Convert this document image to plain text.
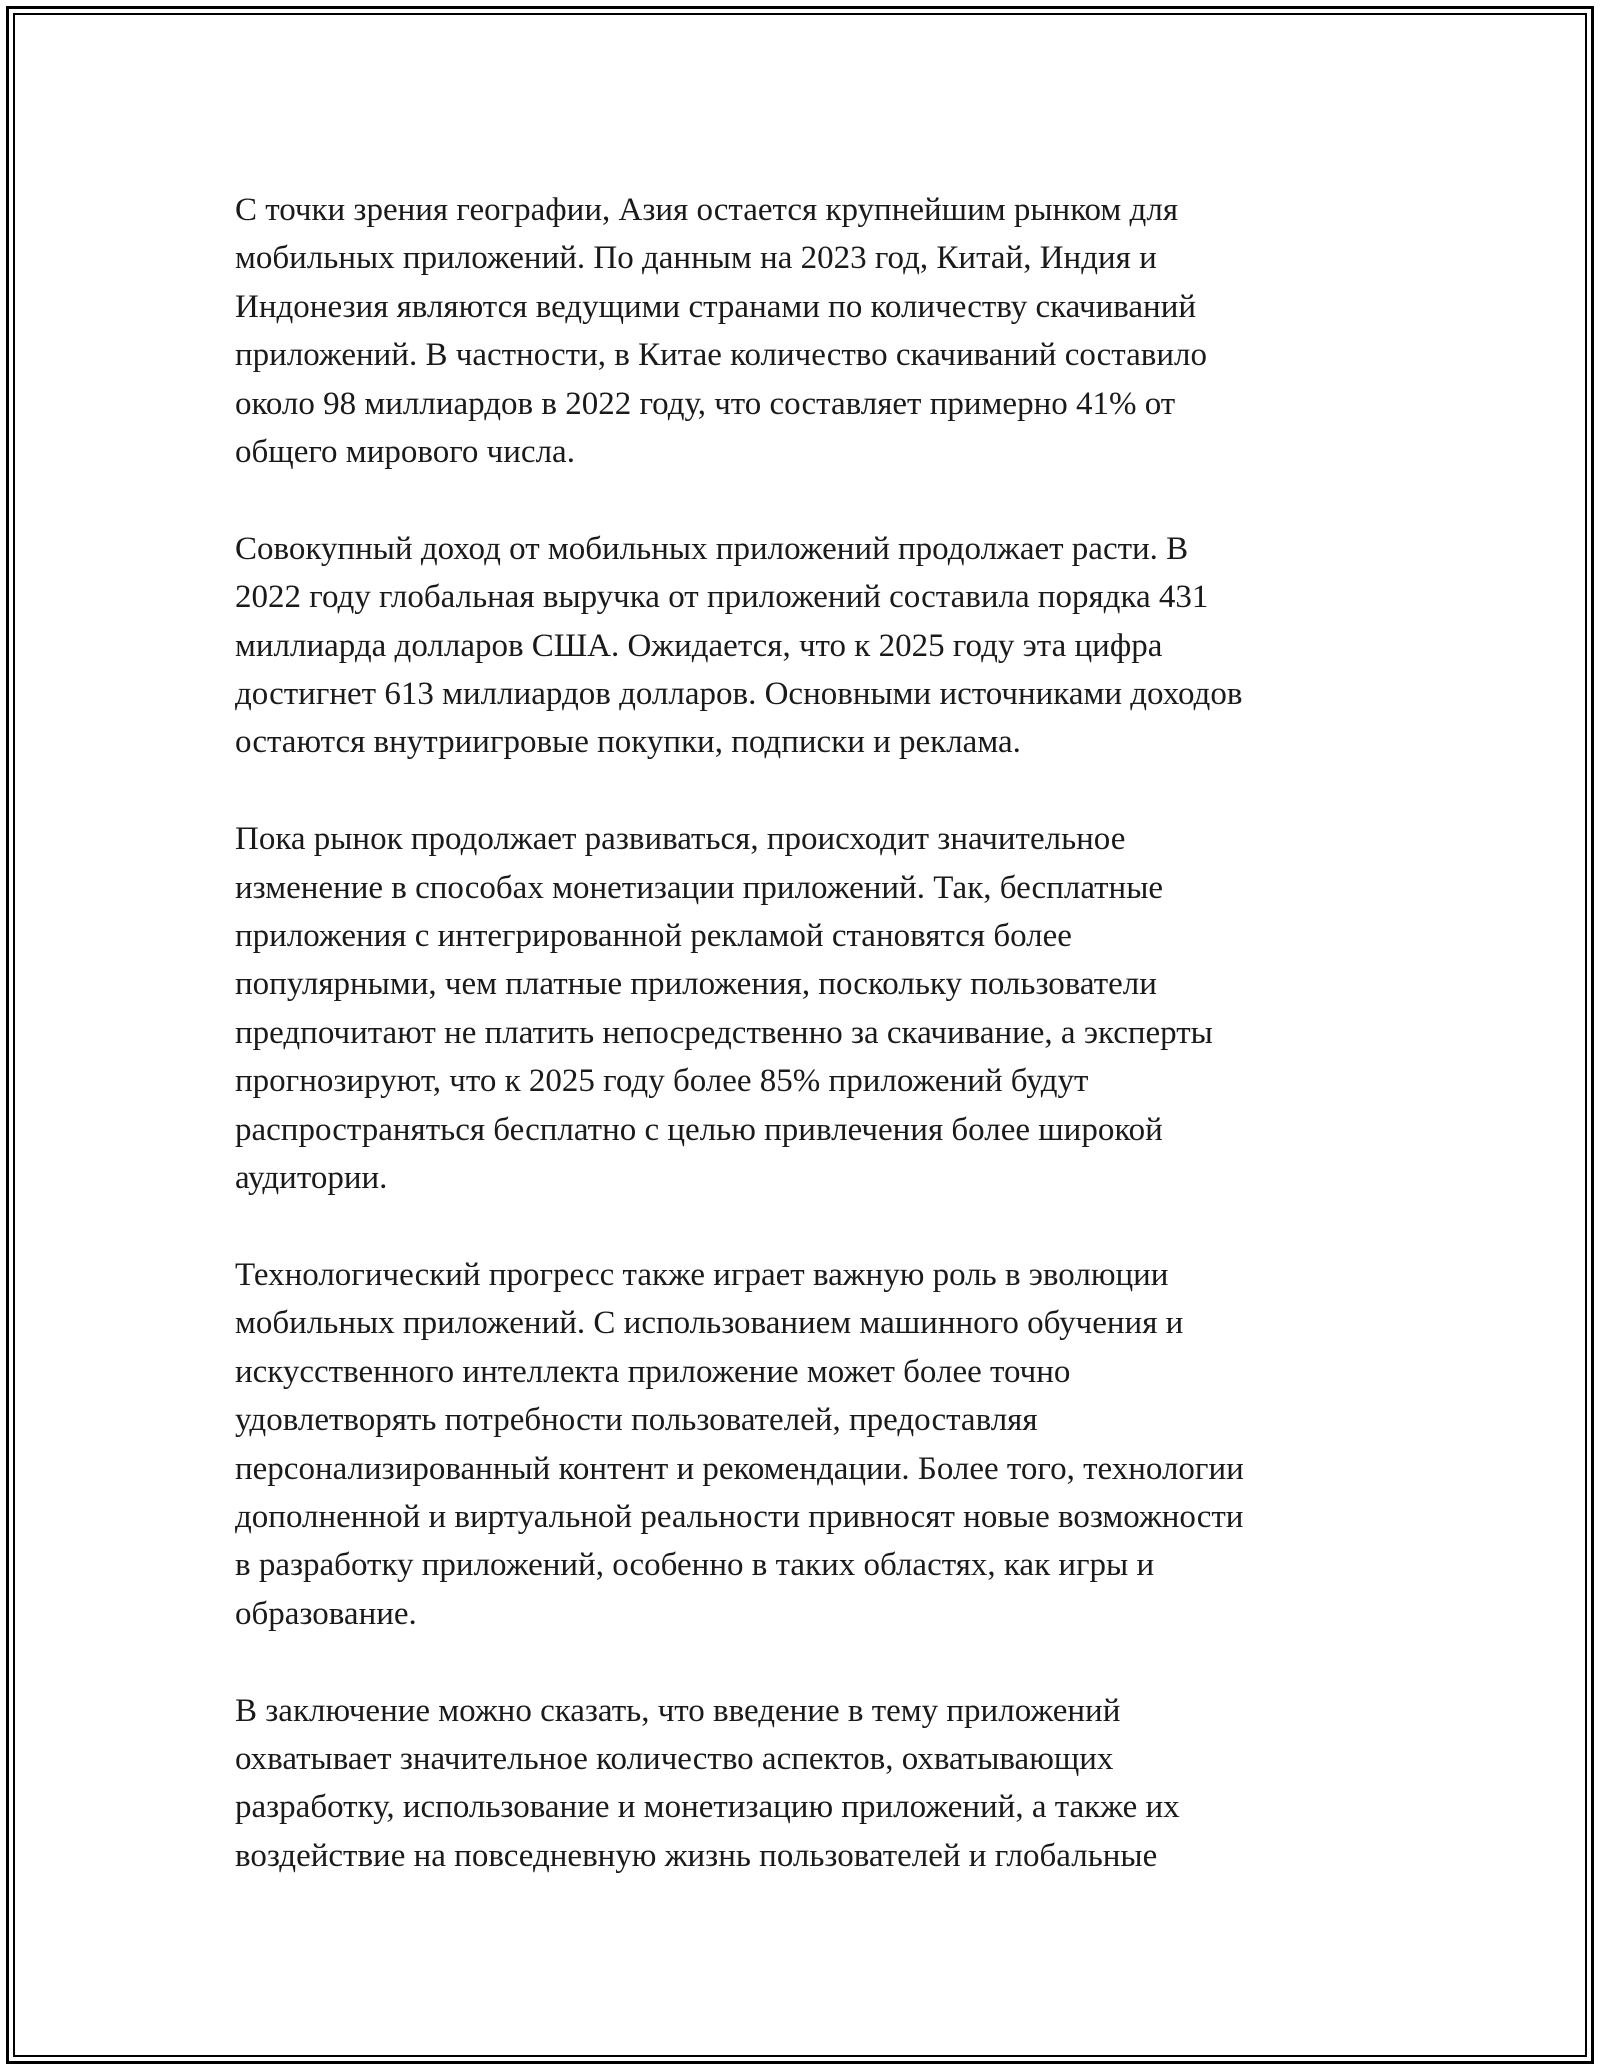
С точки зрения географии, Азия остается крупнейшим рынком для
мобильных приложений. По данным на 2023 год, Китай, Индия и
Индонезия являются ведущими странами по количеству скачиваний
приложений. В частности, в Китае количество скачиваний составило
около 98 миллиардов в 2022 году, что составляет примерно 41% от
общего мирового числа.

Совокупный доход от мобильных приложений продолжает расти. В
2022 году глобальная выручка от приложений составила порядка 431
миллиарда долларов США. Ожидается, что к 2025 году эта цифра
достигнет 613 миллиардов долларов. Основными источниками доходов
остаются внутриигровые покупки, подписки и реклама.

Пока рынок продолжает развиваться, происходит значительное
изменение в способах монетизации приложений. Так, бесплатные
приложения с интегрированной рекламой становятся более
популярными, чем платные приложения, поскольку пользователи
предпочитают не платить непосредственно за скачивание, а эксперты
прогнозируют, что к 2025 году более 85% приложений будут
распространяться бесплатно с целью привлечения более широкой
аудитории.

Технологический прогресс также играет важную роль в эволюции
мобильных приложений. С использованием машинного обучения и
искусственного интеллекта приложение может более точно
удовлетворять потребности пользователей, предоставляя
персонализированный контент и рекомендации. Более того, технологии
дополненной и виртуальной реальности привносят новые возможности
в разработку приложений, особенно в таких областях, как игры и
образование.

В заключение можно сказать, что введение в тему приложений
охватывает значительное количество аспектов, охватывающих
разработку, использование и монетизацию приложений, а также их
воздействие на повседневную жизнь пользователей и глобальные
